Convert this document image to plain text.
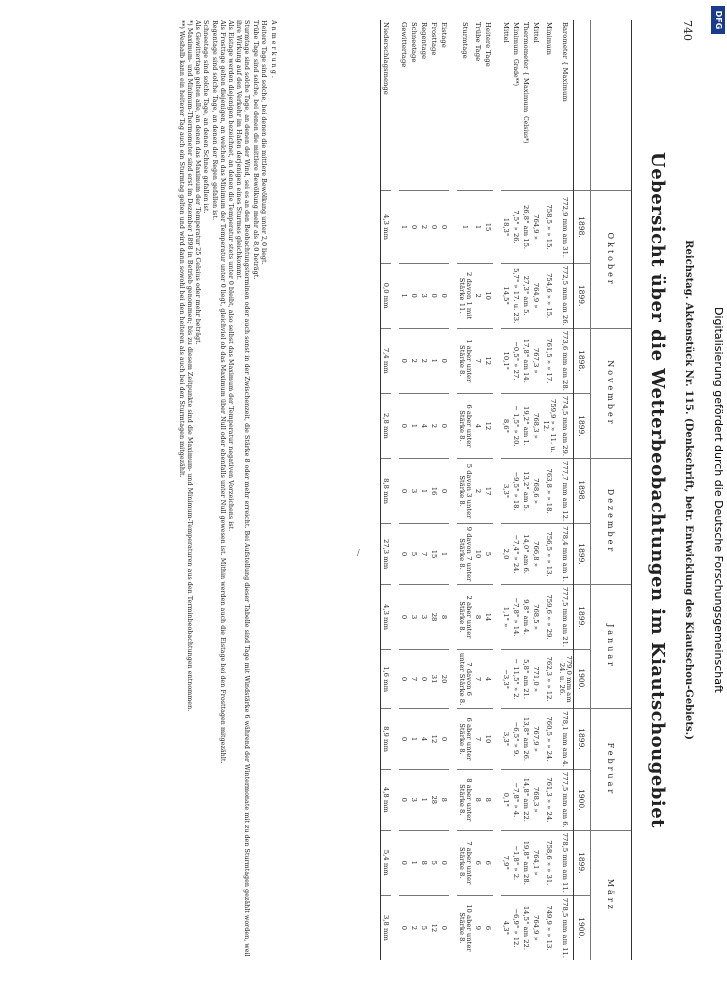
740
Reichstag. Aktenstück Nr. 115. (Denkschrift, betr. Entwicklung des Kiautschou-Gebiets.)
Uebersicht über die Wetterbeobachtungen im Kiautschougebiet
	Oktober		November		Dezember		Januar		Februar		März	
	1898.	1899.	1898.	1899.	1898.	1899.	1899.	1900.	1899.	1900.	1899.	1900.
Barometer { Maximum	772,9 mm am 31.	772,5 mm am 26.	773,6 mm am 28.	774,5 mm am 29.	777,7 mm am 12.	778,4 mm am 1.	777,5 mm am 21.	779,0 mm am 24. u. 26.	778,1 mm am 4.	777,5 mm am 6.	778,5 mm am 11.	778,5 mm am 11.
Minimum	758,5 » » 15.	754,6 » » 15.	761,5 » » 17.	759,9 » » 11. u. 12.	763,8 » » 18.	756,5 » » 13.	759,6 » » 29.	762,3 » » 12.	760,5 » » 24.	761,3 » » 24.	758,6 » » 31.	749,9 » » 13.
Mittel	764,9 »	764,9 »	767,3 »	768,3 »	768,6 »	766,8 »	768,5 »	771,0 »	767,9 »	768,3 »	764,1 »	764,9 »
Thermometer { MaximumCelsius*)	26,8° am 15.	27,3° am 5.	17,8° am 14.	19,2° am 1.	13,2° am 5.	14,0° am 6.	9,8° am 4.	5,8° am 21.	13,8° am 26.	14,8° am 22.	19,8° am 28.	14,5° am 22.
MinimumGrade**)	7,5° » 26.	5,7° » 17. u. 23.	−0,5° » 27.	− 1,5° » 20.	−9,5° » 18.	−7,4° » 24.	−7,8° » 14.	− 11,5° » 2.	−6,5° » 9.	−7,8° » 4.	−1,8° » 2.	−6,9° » 12.
Mittel	18,3°	14,5°	10,1°	8,6°	3,3°	2,0	1,1° »	−3,3°	3,3°	0,1°	7,9°	4,3°

Heitere Tage	15	10	12	12	17	5	14	4	10	8	6	6
Trübe Tage	1	2	7	4	2	10	8	7	7	8	6	9
Sturmtage	1	2 davon 1 mit Stärke 11.	1 aber unter Stärke 8.	6 aber unter Stärke 8.	5 davon 3 unter Stärke 8.	9 davon 7 unter Stärke 8.	2 aber unter Stärke 8.	7 davon 6 unter Stärke 8.	6 aber unter Stärke 8.	8 aber unter Stärke 8.	7 aber unter Stärke 8.	10 aber unter Stärke 8.

Eistage	0	0	0	0	0	1	8	20	0	8	0	0
Frosttage	0	0	1	2	16	15	28	31	12	28	5	12
Regentage	2	3	2	4	1	7	3	0	4	1	8	5
Schneetage	0	0	2	1	3	5	3	7	1	3	1	2
Gewittertage	1	1	0	0	0	0	0	0	0	0	0	0

Niederschlagsmenge	4,3 mm	0,0 mm	7,4 mm	2,8 mm	8,8 mm	27,3 mm	4,3 mm	1,6 mm	8,9 mm	4,8 mm	5,4 mm	3,8 mm
Anmerkung.

Heitere Tage sind solche, bei denen die mittlere Bewölkung unter 2,0 liegt.

Trübe Tage sind solche, bei denen die mittlere Bewölkung mehr als 8,0 beträgt.

Sturmtage sind solche Tage, an denen der Wind, sei es an den Beobachtungsterminen oder auch sonst in der Zwischenzeit, die Stärke 8 oder mehr erreicht. Bei Aufstellung dieser Tabelle sind Tage mit Windstärke 6 während der Wintermonate mit zu den Sturmtagen gezählt worden, weil ihre Wirkung auf den Verkehr im Hafen derjenigen eines Sturmes gleichkommt.

Als Eistage werden diejenigen bezeichnet, an denen die Temperatur stets unter 0 bleibt, also selbst das Maximum der Temperatur negativen Vorzeichens ist.

Als Frosttage gelten diejenigen, an welchen das Minimum der Temperatur unter 0 liegt, gleichviel ob das Maximum über Null oder ebenfalls unter Null gewesen ist. Mithin werden auch die Eistage bei den Frosttagen mitgezählt.

Regentage sind solche Tage, an denen der Regen gefallen ist.

Schneetage sind solche Tage, an denen Schnee gefallen ist.

Als Gewittertage gelten alle, an denen das Maximum der Temperatur 25 Celsius oder mehr beträgt.

*) Maximum- und Minimum-Thermometer sind erst im Dezember 1898 in Betrieb genommen; bis zu diesem Zeitpunkte sind die Maximum- und Minimum-Temperaturen aus den Terminbeobachtungen entnommen.

**) Weshalb kann ein heiterer Tag auch ein Sturmtag gelten und wird dann sowohl bei den heiteren als auch bei den Sturmtagen mitgezählt.

/	Digitalisierung gefördert durch die Deutsche Forschungsgemeinschaft
DFG
